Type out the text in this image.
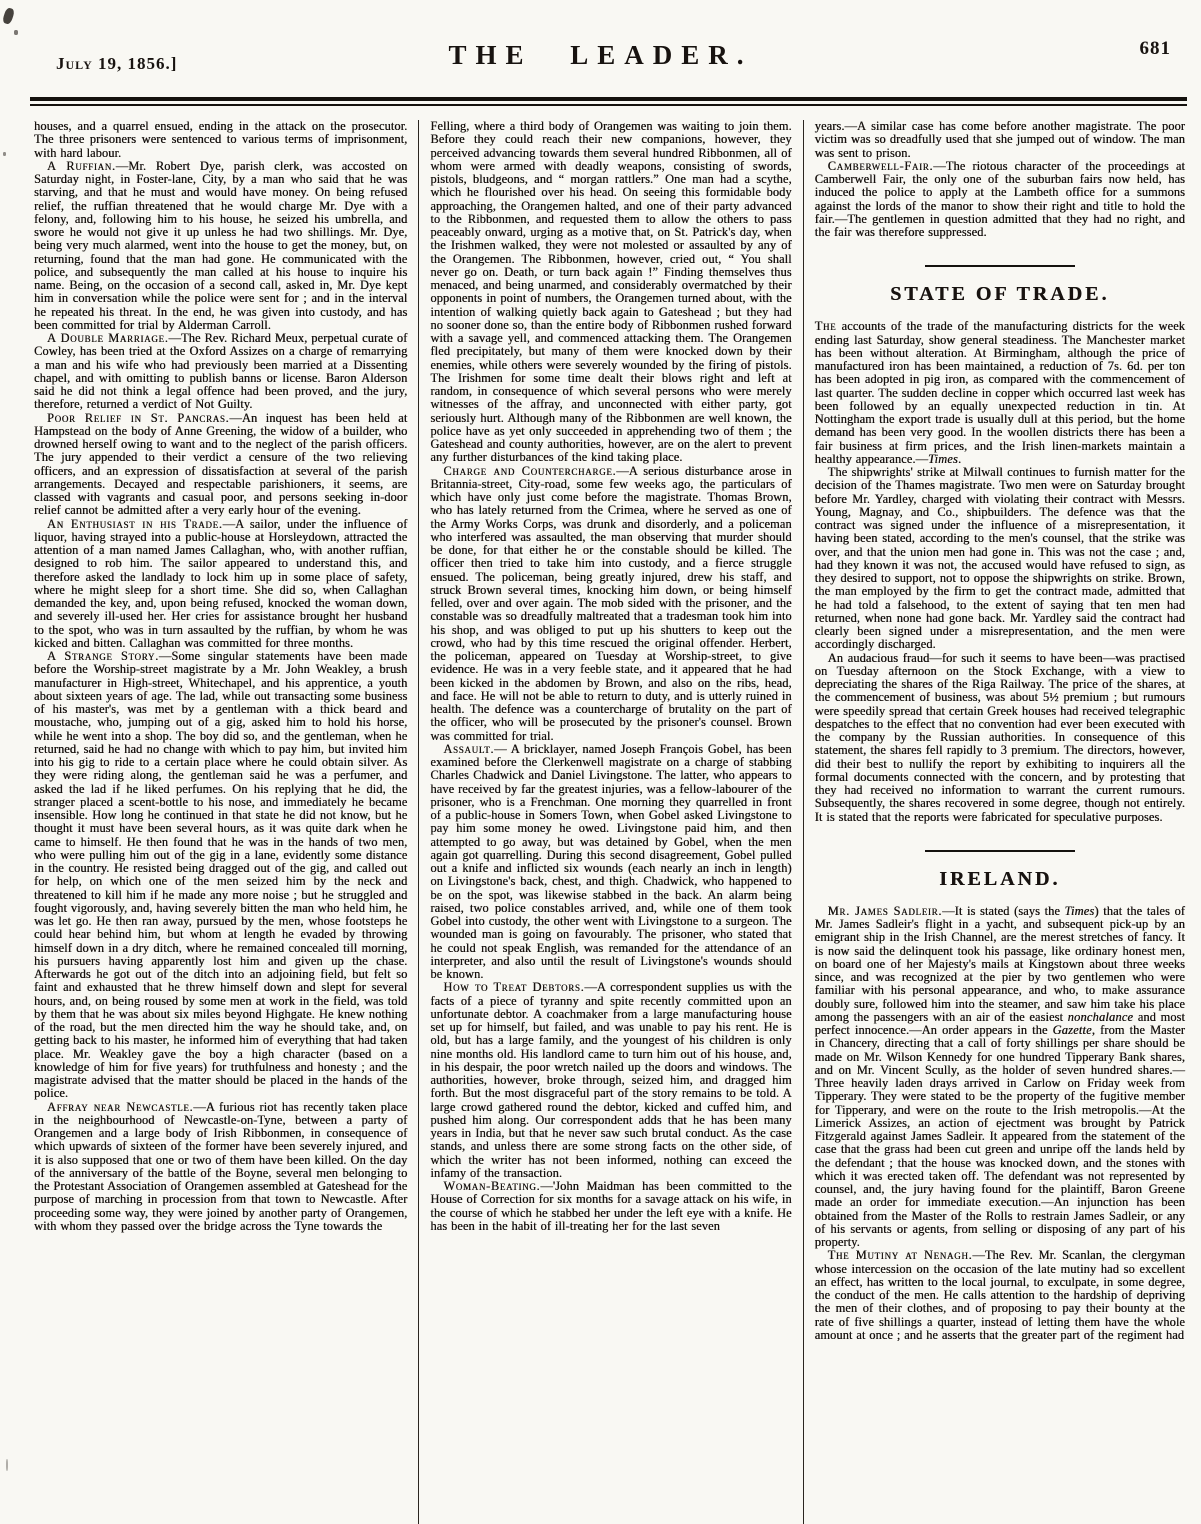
July 19, 1856.]	THE LEADER.	681

houses, and a quarrel ensued, ending in the attack on the prosecutor. The three prisoners were sentenced to various terms of imprisonment, with hard labour.

A Ruffian.—Mr. Robert Dye, parish clerk, was accosted on Saturday night, in Foster-lane, City, by a man who said that he was starving, and that he must and would have money. On being refused relief, the ruffian threatened that he would charge Mr. Dye with a felony, and, following him to his house, he seized his umbrella, and swore he would not give it up unless he had two shillings. Mr. Dye, being very much alarmed, went into the house to get the money, but, on returning, found that the man had gone. He communicated with the police, and subsequently the man called at his house to inquire his name. Being, on the occasion of a second call, asked in, Mr. Dye kept him in conversation while the police were sent for ; and in the interval he repeated his threat. In the end, he was given into custody, and has been committed for trial by Alderman Carroll.

A Double Marriage.—The Rev. Richard Meux, perpetual curate of Cowley, has been tried at the Oxford Assizes on a charge of remarrying a man and his wife who had previously been married at a Dissenting chapel, and with omitting to publish banns or license. Baron Alderson said he did not think a legal offence had been proved, and the jury, therefore, returned a verdict of Not Guilty.

Poor Relief in St. Pancras.—An inquest has been held at Hampstead on the body of Anne Greening, the widow of a builder, who drowned herself owing to want and to the neglect of the parish officers. The jury appended to their verdict a censure of the two relieving officers, and an expression of dissatisfaction at several of the parish arrangements. Decayed and respectable parishioners, it seems, are classed with vagrants and casual poor, and persons seeking in-door relief cannot be admitted after a very early hour of the evening.

An Enthusiast in his Trade.—A sailor, under the influence of liquor, having strayed into a public-house at Horsleydown, attracted the attention of a man named James Callaghan, who, with another ruffian, designed to rob him. The sailor appeared to understand this, and therefore asked the landlady to lock him up in some place of safety, where he might sleep for a short time. She did so, when Callaghan demanded the key, and, upon being refused, knocked the woman down, and severely ill-used her. Her cries for assistance brought her husband to the spot, who was in turn assaulted by the ruffian, by whom he was kicked and bitten. Callaghan was committed for three months.

A Strange Story.—Some singular statements have been made before the Worship-street magistrate by a Mr. John Weakley, a brush manufacturer in High-street, Whitechapel, and his apprentice, a youth about sixteen years of age. The lad, while out transacting some business of his master's, was met by a gentleman with a thick beard and moustache, who, jumping out of a gig, asked him to hold his horse, while he went into a shop. The boy did so, and the gentleman, when he returned, said he had no change with which to pay him, but invited him into his gig to ride to a certain place where he could obtain silver. As they were riding along, the gentleman said he was a perfumer, and asked the lad if he liked perfumes. On his replying that he did, the stranger placed a scent-bottle to his nose, and immediately he became insensible. How long he continued in that state he did not know, but he thought it must have been several hours, as it was quite dark when he came to himself. He then found that he was in the hands of two men, who were pulling him out of the gig in a lane, evidently some distance in the country. He resisted being dragged out of the gig, and called out for help, on which one of the men seized him by the neck and threatened to kill him if he made any more noise ; but he struggled and fought vigorously, and, having severely bitten the man who held him, he was let go. He then ran away, pursued by the men, whose footsteps he could hear behind him, but whom at length he evaded by throwing himself down in a dry ditch, where he remained concealed till morning, his pursuers having apparently lost him and given up the chase. Afterwards he got out of the ditch into an adjoining field, but felt so faint and exhausted that he threw himself down and slept for several hours, and, on being roused by some men at work in the field, was told by them that he was about six miles beyond Highgate. He knew nothing of the road, but the men directed him the way he should take, and, on getting back to his master, he informed him of everything that had taken place. Mr. Weakley gave the boy a high character (based on a knowledge of him for five years) for truthfulness and honesty ; and the magistrate advised that the matter should be placed in the hands of the police.

Affray near Newcastle.—A furious riot has recently taken place in the neighbourhood of Newcastle-on-Tyne, between a party of Orangemen and a large body of Irish Ribbonmen, in consequence of which upwards of sixteen of the former have been severely injured, and it is also supposed that one or two of them have been killed. On the day of the anniversary of the battle of the Boyne, several men belonging to the Protestant Association of Orangemen assembled at Gateshead for the purpose of marching in procession from that town to Newcastle. After proceeding some way, they were joined by another party of Orangemen, with whom they passed over the bridge across the Tyne towards the

Felling, where a third body of Orangemen was waiting to join them. Before they could reach their new companions, however, they perceived advancing towards them several hundred Ribbonmen, all of whom were armed with deadly weapons, consisting of swords, pistols, bludgeons, and “ morgan rattlers.” One man had a scythe, which he flourished over his head. On seeing this formidable body approaching, the Orangemen halted, and one of their party advanced to the Ribbonmen, and requested them to allow the others to pass peaceably onward, urging as a motive that, on St. Patrick's day, when the Irishmen walked, they were not molested or assaulted by any of the Orangemen. The Ribbonmen, however, cried out, “ You shall never go on. Death, or turn back again !” Finding themselves thus menaced, and being unarmed, and considerably overmatched by their opponents in point of numbers, the Orangemen turned about, with the intention of walking quietly back again to Gateshead ; but they had no sooner done so, than the entire body of Ribbonmen rushed forward with a savage yell, and commenced attacking them. The Orangemen fled precipitately, but many of them were knocked down by their enemies, while others were severely wounded by the firing of pistols. The Irishmen for some time dealt their blows right and left at random, in consequence of which several persons who were merely witnesses of the affray, and unconnected with either party, got seriously hurt. Although many of the Ribbonmen are well known, the police have as yet only succeeded in apprehending two of them ; the Gateshead and county authorities, however, are on the alert to prevent any further disturbances of the kind taking place.

Charge and Countercharge.—A serious disturbance arose in Britannia-street, City-road, some few weeks ago, the particulars of which have only just come before the magistrate. Thomas Brown, who has lately returned from the Crimea, where he served as one of the Army Works Corps, was drunk and disorderly, and a policeman who interfered was assaulted, the man observing that murder should be done, for that either he or the constable should be killed. The officer then tried to take him into custody, and a fierce struggle ensued. The policeman, being greatly injured, drew his staff, and struck Brown several times, knocking him down, or being himself felled, over and over again. The mob sided with the prisoner, and the constable was so dreadfully maltreated that a tradesman took him into his shop, and was obliged to put up his shutters to keep out the crowd, who had by this time rescued the original offender. Herbert, the policeman, appeared on Tuesday at Worship-street, to give evidence. He was in a very feeble state, and it appeared that he had been kicked in the abdomen by Brown, and also on the ribs, head, and face. He will not be able to return to duty, and is utterly ruined in health. The defence was a countercharge of brutality on the part of the officer, who will be prosecuted by the prisoner's counsel. Brown was committed for trial.

Assault.— A bricklayer, named Joseph François Gobel, has been examined before the Clerkenwell magistrate on a charge of stabbing Charles Chadwick and Daniel Livingstone. The latter, who appears to have received by far the greatest injuries, was a fellow-labourer of the prisoner, who is a Frenchman. One morning they quarrelled in front of a public-house in Somers Town, when Gobel asked Livingstone to pay him some money he owed. Livingstone paid him, and then attempted to go away, but was detained by Gobel, when the men again got quarrelling. During this second disagreement, Gobel pulled out a knife and inflicted six wounds (each nearly an inch in length) on Livingstone's back, chest, and thigh. Chadwick, who happened to be on the spot, was likewise stabbed in the back. An alarm being raised, two police constables arrived, and, while one of them took Gobel into custody, the other went with Livingstone to a surgeon. The wounded man is going on favourably. The prisoner, who stated that he could not speak English, was remanded for the attendance of an interpreter, and also until the result of Livingstone's wounds should be known.

How to Treat Debtors.—A correspondent supplies us with the facts of a piece of tyranny and spite recently committed upon an unfortunate debtor. A coachmaker from a large manufacturing house set up for himself, but failed, and was unable to pay his rent. He is old, but has a large family, and the youngest of his children is only nine months old. His landlord came to turn him out of his house, and, in his despair, the poor wretch nailed up the doors and windows. The authorities, however, broke through, seized him, and dragged him forth. But the most disgraceful part of the story remains to be told. A large crowd gathered round the debtor, kicked and cuffed him, and pushed him along. Our correspondent adds that he has been many years in India, but that he never saw such brutal conduct. As the case stands, and unless there are some strong facts on the other side, of which the writer has not been informed, nothing can exceed the infamy of the transaction.

Woman-Beating.—'John Maidman has been committed to the House of Correction for six months for a savage attack on his wife, in the course of which he stabbed her under the left eye with a knife. He has been in the habit of ill-treating her for the last seven

years.—A similar case has come before another magistrate. The poor victim was so dreadfully used that she jumped out of window. The man was sent to prison.

Camberwell-Fair.—The riotous character of the proceedings at Camberwell Fair, the only one of the suburban fairs now held, has induced the police to apply at the Lambeth office for a summons against the lords of the manor to show their right and title to hold the fair.—The gentlemen in question admitted that they had no right, and the fair was therefore suppressed.

STATE OF TRADE.

The accounts of the trade of the manufacturing districts for the week ending last Saturday, show general steadiness. The Manchester market has been without alteration. At Birmingham, although the price of manufactured iron has been maintained, a reduction of 7s. 6d. per ton has been adopted in pig iron, as compared with the commencement of last quarter. The sudden decline in copper which occurred last week has been followed by an equally unexpected reduction in tin. At Nottingham the export trade is usually dull at this period, but the home demand has been very good. In the woollen districts there has been a fair business at firm prices, and the Irish linen-markets maintain a healthy appearance.—Times.

The shipwrights' strike at Milwall continues to furnish matter for the decision of the Thames magistrate. Two men were on Saturday brought before Mr. Yardley, charged with violating their contract with Messrs. Young, Magnay, and Co., shipbuilders. The defence was that the contract was signed under the influence of a misrepresentation, it having been stated, according to the men's counsel, that the strike was over, and that the union men had gone in. This was not the case ; and, had they known it was not, the accused would have refused to sign, as they desired to support, not to oppose the shipwrights on strike. Brown, the man employed by the firm to get the contract made, admitted that he had told a falsehood, to the extent of saying that ten men had returned, when none had gone back. Mr. Yardley said the contract had clearly been signed under a misrepresentation, and the men were accordingly discharged.

An audacious fraud—for such it seems to have been—was practised on Tuesday afternoon on the Stock Exchange, with a view to depreciating the shares of the Riga Railway. The price of the shares, at the commencement of business, was about 5½ premium ; but rumours were speedily spread that certain Greek houses had received telegraphic despatches to the effect that no convention had ever been executed with the company by the Russian authorities. In consequence of this statement, the shares fell rapidly to 3 premium. The directors, however, did their best to nullify the report by exhibiting to inquirers all the formal documents connected with the concern, and by protesting that they had received no information to warrant the current rumours. Subsequently, the shares recovered in some degree, though not entirely. It is stated that the reports were fabricated for speculative purposes.

IRELAND.

Mr. James Sadleir.—It is stated (says the Times) that the tales of Mr. James Sadleir's flight in a yacht, and subsequent pick-up by an emigrant ship in the Irish Channel, are the merest stretches of fancy. It is now said the delinquent took his passage, like ordinary honest men, on board one of her Majesty's mails at Kingstown about three weeks since, and was recognized at the pier by two gentlemen who were familiar with his personal appearance, and who, to make assurance doubly sure, followed him into the steamer, and saw him take his place among the passengers with an air of the easiest nonchalance and most perfect innocence.—An order appears in the Gazette, from the Master in Chancery, directing that a call of forty shillings per share should be made on Mr. Wilson Kennedy for one hundred Tipperary Bank shares, and on Mr. Vincent Scully, as the holder of seven hundred shares.—Three heavily laden drays arrived in Carlow on Friday week from Tipperary. They were stated to be the property of the fugitive member for Tipperary, and were on the route to the Irish metropolis.—At the Limerick Assizes, an action of ejectment was brought by Patrick Fitzgerald against James Sadleir. It appeared from the statement of the case that the grass had been cut green and unripe off the lands held by the defendant ; that the house was knocked down, and the stones with which it was erected taken off. The defendant was not represented by counsel, and, the jury having found for the plaintiff, Baron Greene made an order for immediate execution.—An injunction has been obtained from the Master of the Rolls to restrain James Sadleir, or any of his servants or agents, from selling or disposing of any part of his property.

The Mutiny at Nenagh.—The Rev. Mr. Scanlan, the clergyman whose intercession on the occasion of the late mutiny had so excellent an effect, has written to the local journal, to exculpate, in some degree, the conduct of the men. He calls attention to the hardship of depriving the men of their clothes, and of proposing to pay their bounty at the rate of five shillings a quarter, instead of letting them have the whole amount at once ; and he asserts that the greater part of the regiment had
